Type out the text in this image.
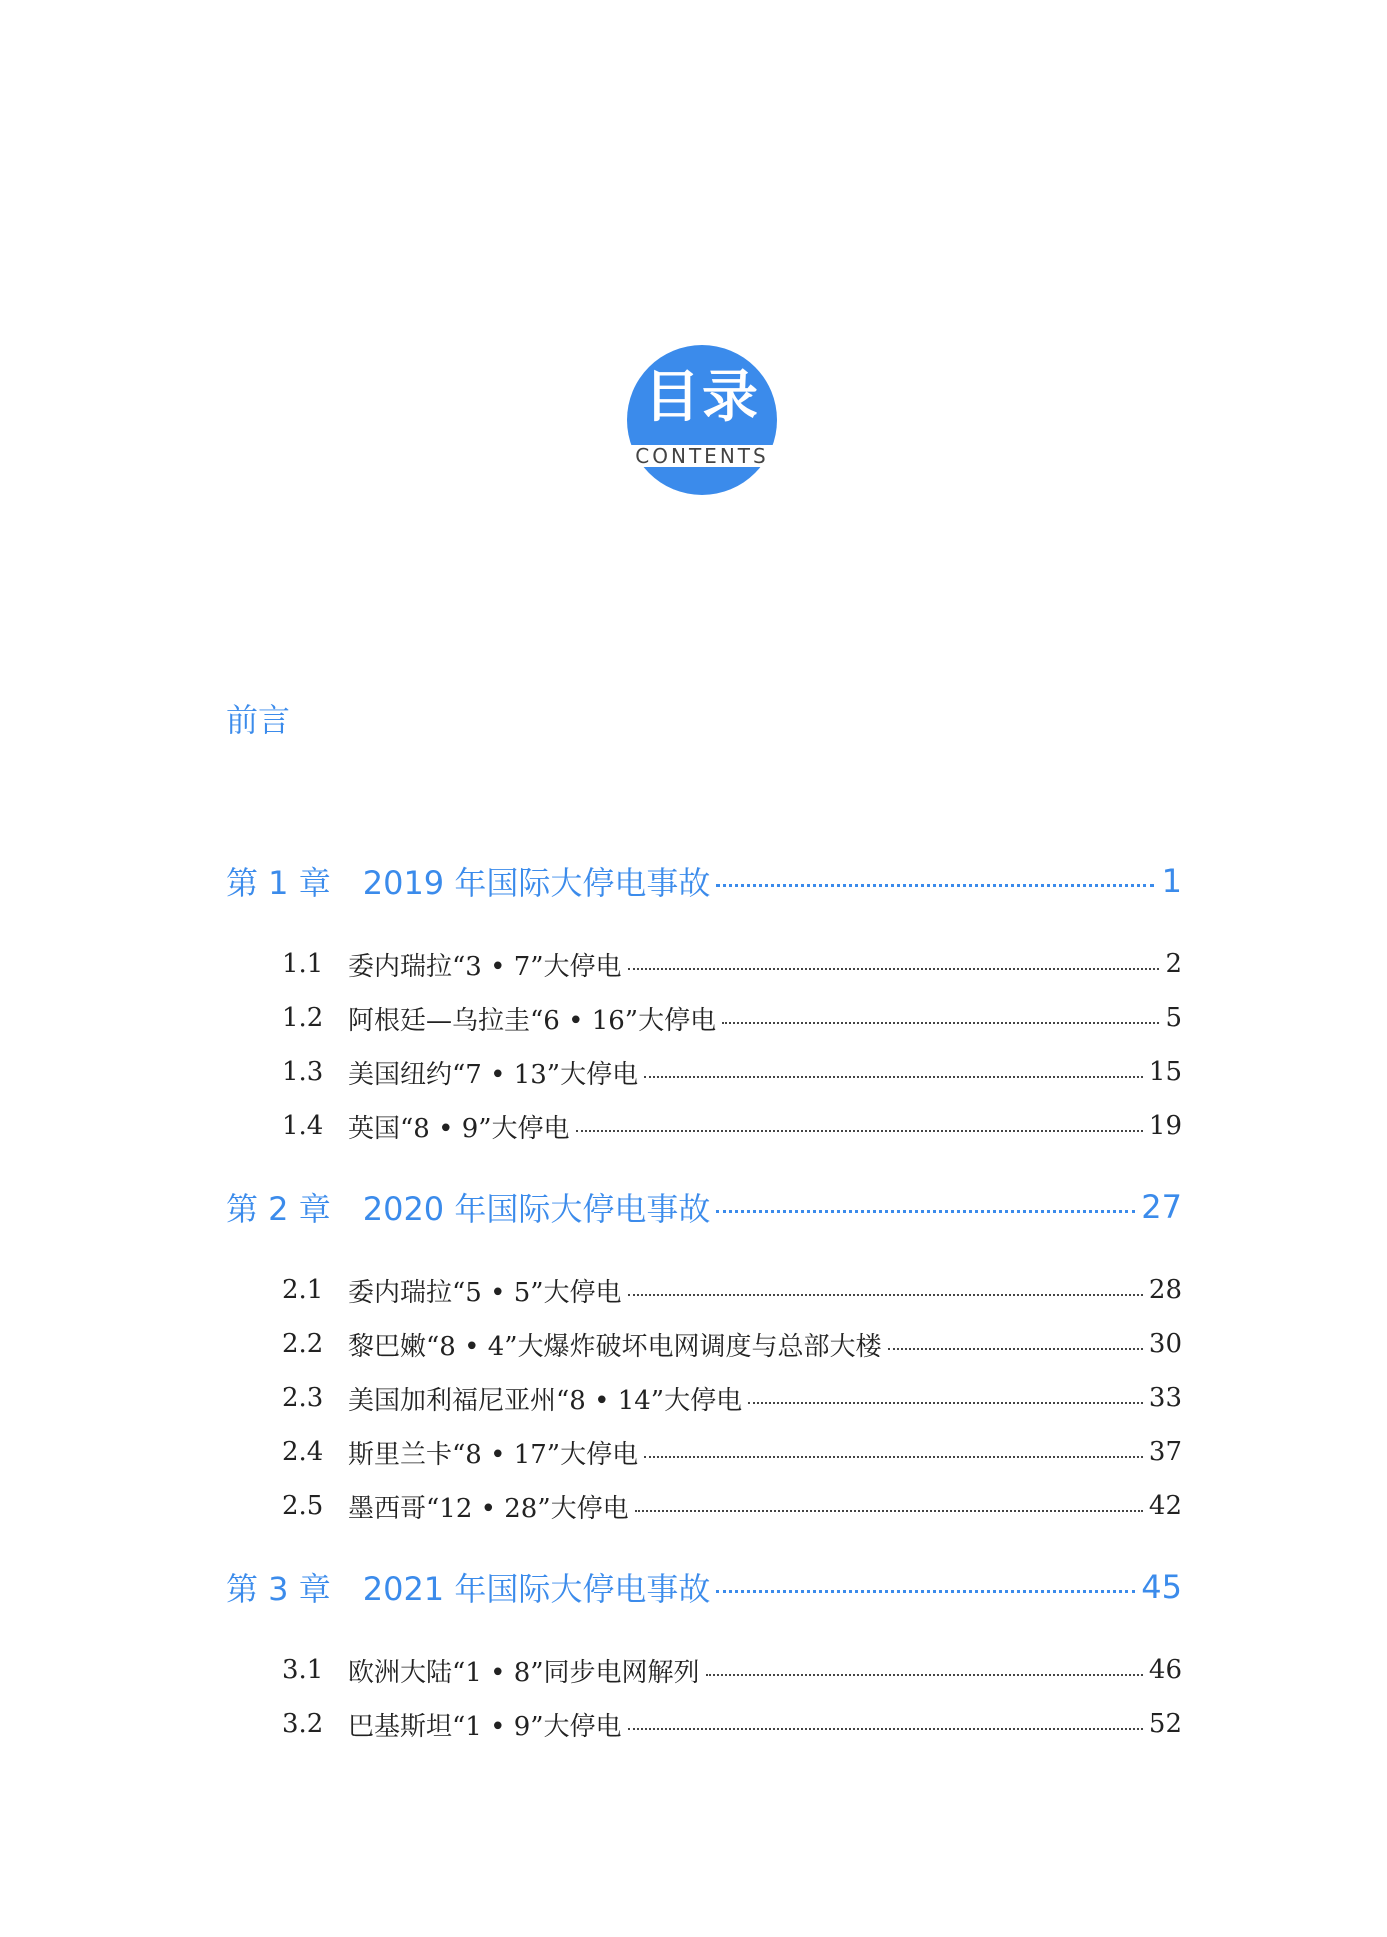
目录
CONTENTS
前言
第 1 章 2019 年国际大停电事故	1
1.1 委内瑞拉“3 • 7”大停电	2
1.2 阿根廷—乌拉圭“6 • 16”大停电	5
1.3 美国纽约“7 • 13”大停电	15
1.4 英国“8 • 9”大停电	19
第 2 章 2020 年国际大停电事故	27
2.1 委内瑞拉“5 • 5”大停电	28
2.2 黎巴嫩“8 • 4”大爆炸破坏电网调度与总部大楼	30
2.3 美国加利福尼亚州“8 • 14”大停电	33
2.4 斯里兰卡“8 • 17”大停电	37
2.5 墨西哥“12 • 28”大停电	42
第 3 章 2021 年国际大停电事故	45
3.1 欧洲大陆“1 • 8”同步电网解列	46
3.2 巴基斯坦“1 • 9”大停电	52
